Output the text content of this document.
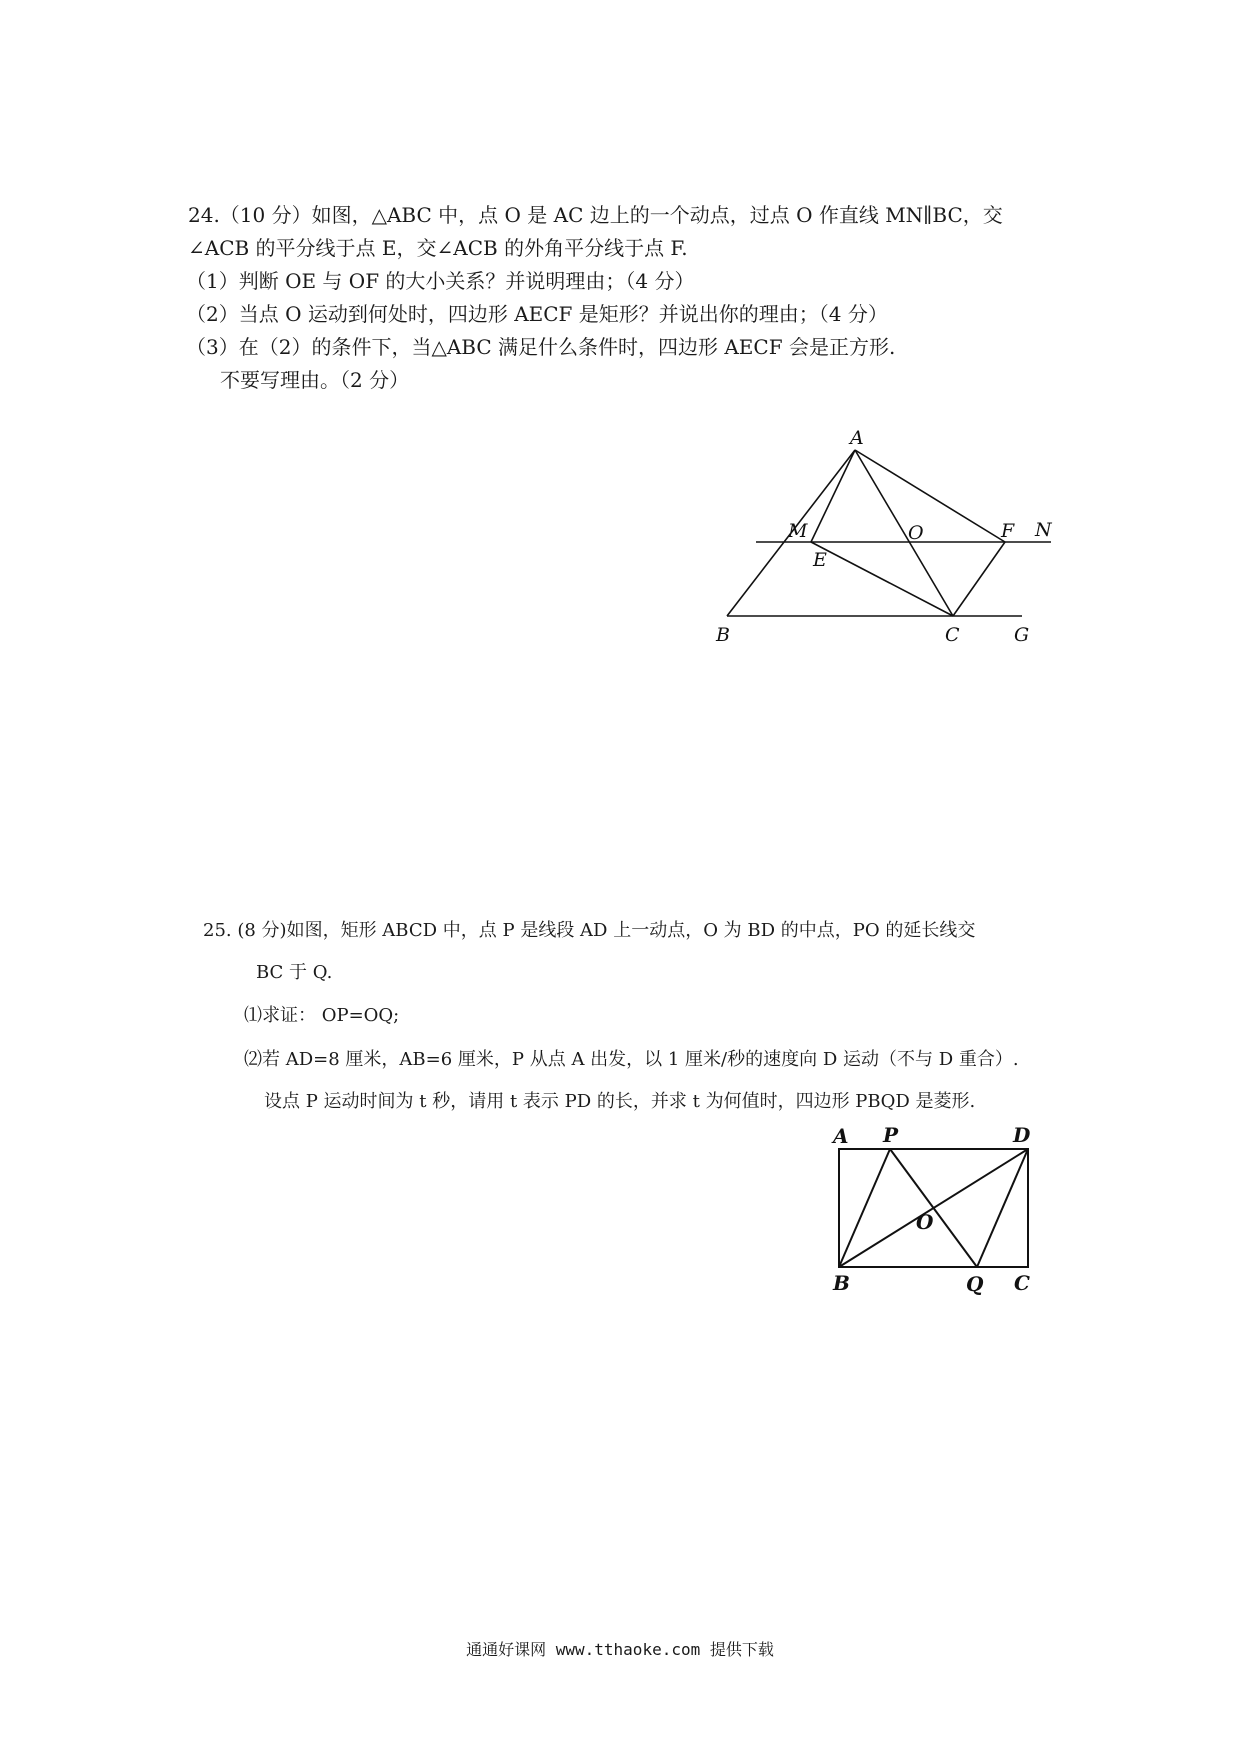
24.（10 分）如图，△ABC 中，点 O 是 AC 边上的一个动点，过点 O 作直线 MN∥BC，交
∠ACB 的平分线于点 E，交∠ACB 的外角平分线于点 F.
（1）判断 OE 与 OF 的大小关系？并说明理由；（4 分）
（2）当点 O 运动到何处时，四边形 AECF 是矩形？并说出你的理由；（4 分）
（3）在（2）的条件下，当△ABC 满足什么条件时，四边形 AECF 会是正方形.
不要写理由。（2 分）
A
M	O	F N
E
B	C	G
25. (8 分)如图，矩形 ABCD 中，点 P 是线段 AD 上一动点，O 为 BD 的中点，PO 的延长线交
BC 于 Q.
⑴求证： OP=OQ;
⑵若 AD=8 厘米，AB=6 厘米，P 从点 A 出发，以 1 厘米/秒的速度向 D 运动（不与 D 重合）.
设点 P 运动时间为 t 秒，请用 t 表示 PD 的长，并求 t 为何值时，四边形 PBQD 是菱形.
A P	D
O
B	Q C
通通好课网 www.tthaoke.com 提供下载
